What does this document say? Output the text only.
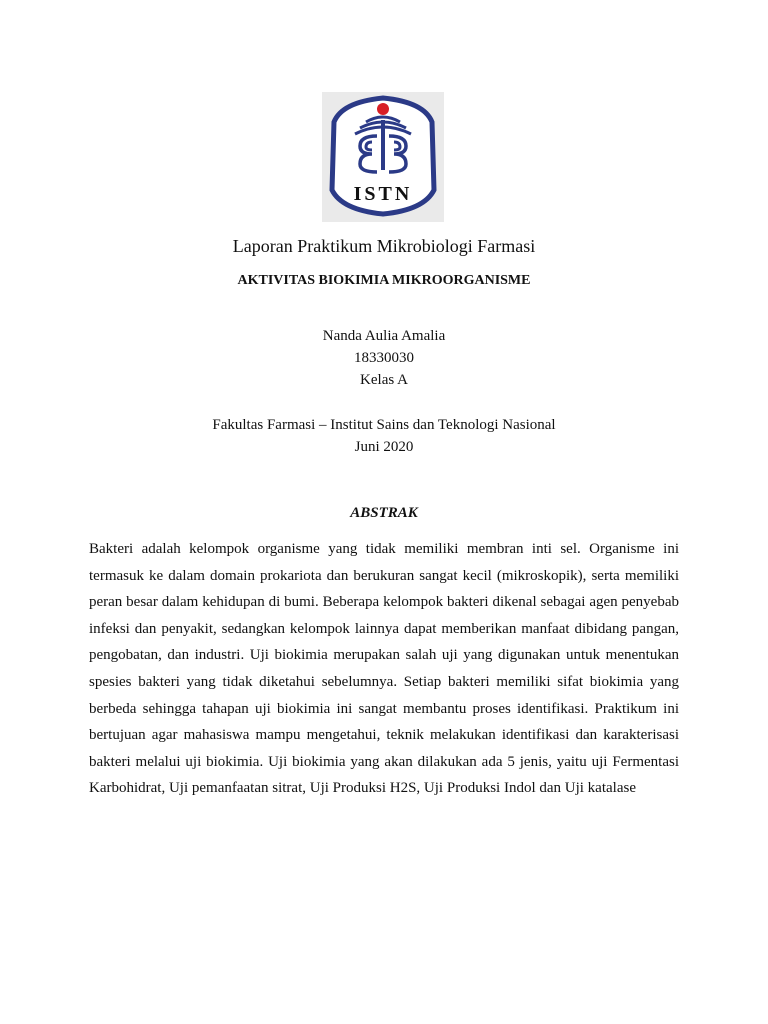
ISTN
Laporan Praktikum Mikrobiologi Farmasi
AKTIVITAS BIOKIMIA MIKROORGANISME
Nanda Aulia Amalia
18330030
Kelas A
Fakultas Farmasi – Institut Sains dan Teknologi Nasional
Juni 2020
ABSTRAK

Bakteri adalah kelompok organisme yang tidak memiliki membran inti sel. Organisme ini termasuk ke dalam domain prokariota dan berukuran sangat kecil (mikroskopik), serta memiliki peran besar dalam kehidupan di bumi. Beberapa kelompok bakteri dikenal sebagai agen penyebab infeksi dan penyakit, sedangkan kelompok lainnya dapat memberikan manfaat dibidang pangan, pengobatan, dan industri. Uji biokimia merupakan salah uji yang digunakan untuk menentukan spesies bakteri yang tidak diketahui sebelumnya. Setiap bakteri memiliki sifat biokimia yang berbeda sehingga tahapan uji biokimia ini sangat membantu proses identifikasi. Praktikum ini bertujuan agar mahasiswa mampu mengetahui, teknik melakukan identifikasi dan karakterisasi bakteri melalui uji biokimia. Uji biokimia yang akan dilakukan ada 5 jenis, yaitu uji Fermentasi Karbohidrat, Uji pemanfaatan sitrat, Uji Produksi H2S, Uji Produksi Indol dan Uji katalase
